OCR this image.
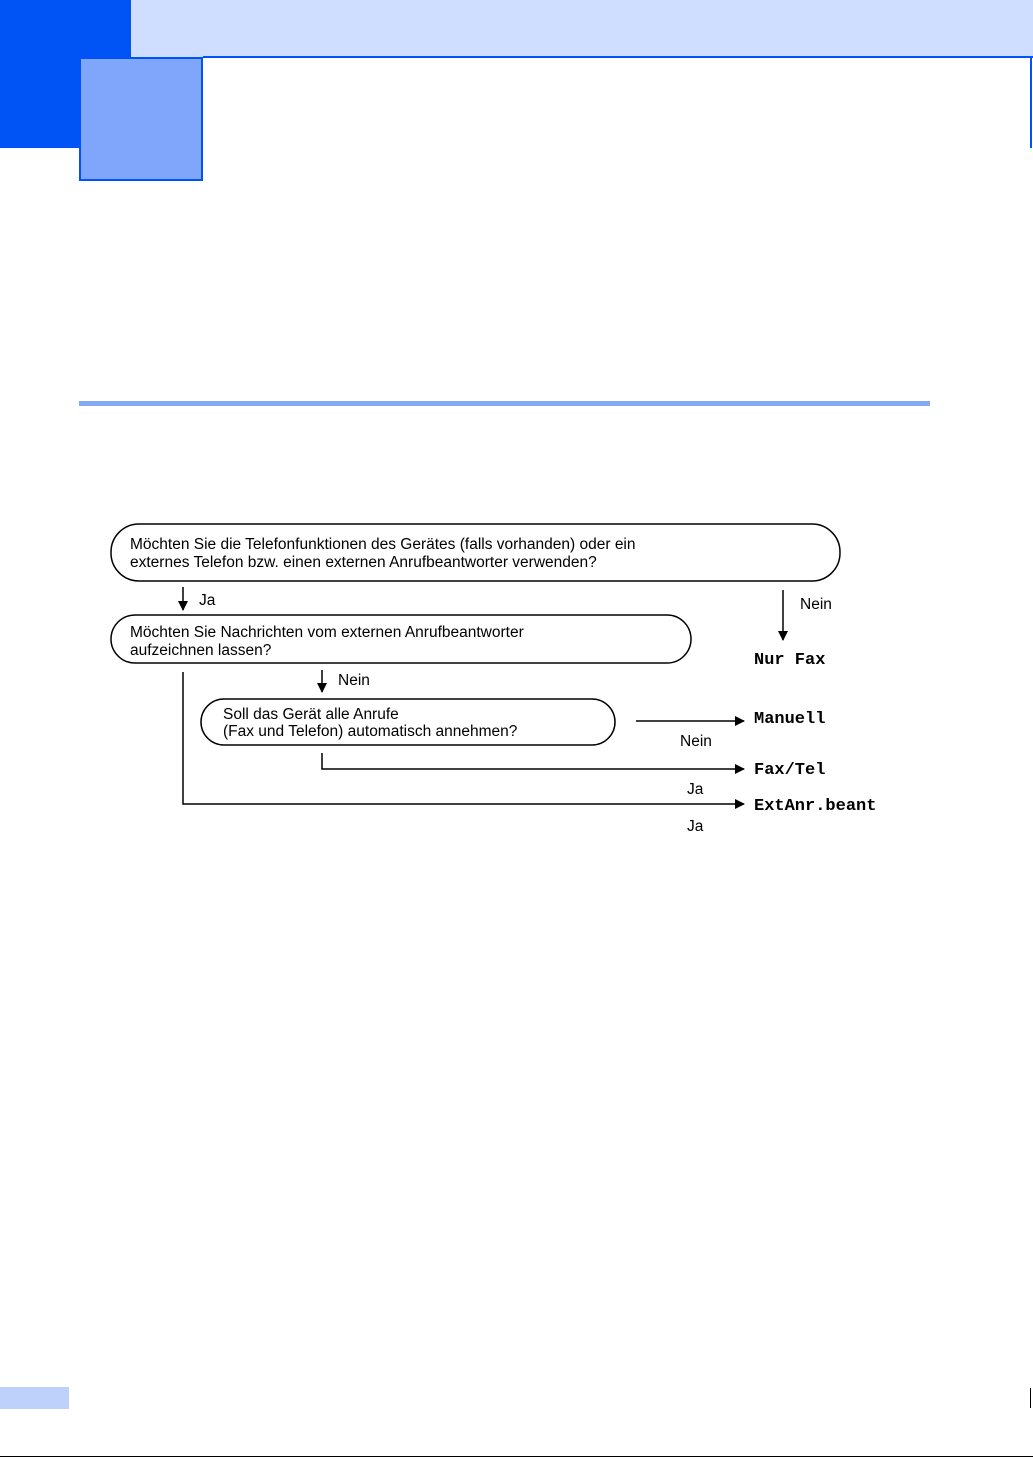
Möchten Sie die Telefonfunktionen des Gerätes (falls vorhanden) oder ein
externes Telefon bzw. einen externen Anrufbeantworter verwenden?
Ja	Nein
Nur Fax
Möchten Sie Nachrichten vom externen Anrufbeantworter
aufzeichnen lassen?
Nein
Soll das Gerät alle Anrufe
(Fax und Telefon) automatisch annehmen?
Nein
Manuell
Ja
Fax/Tel
Ja
ExtAnr.beant
